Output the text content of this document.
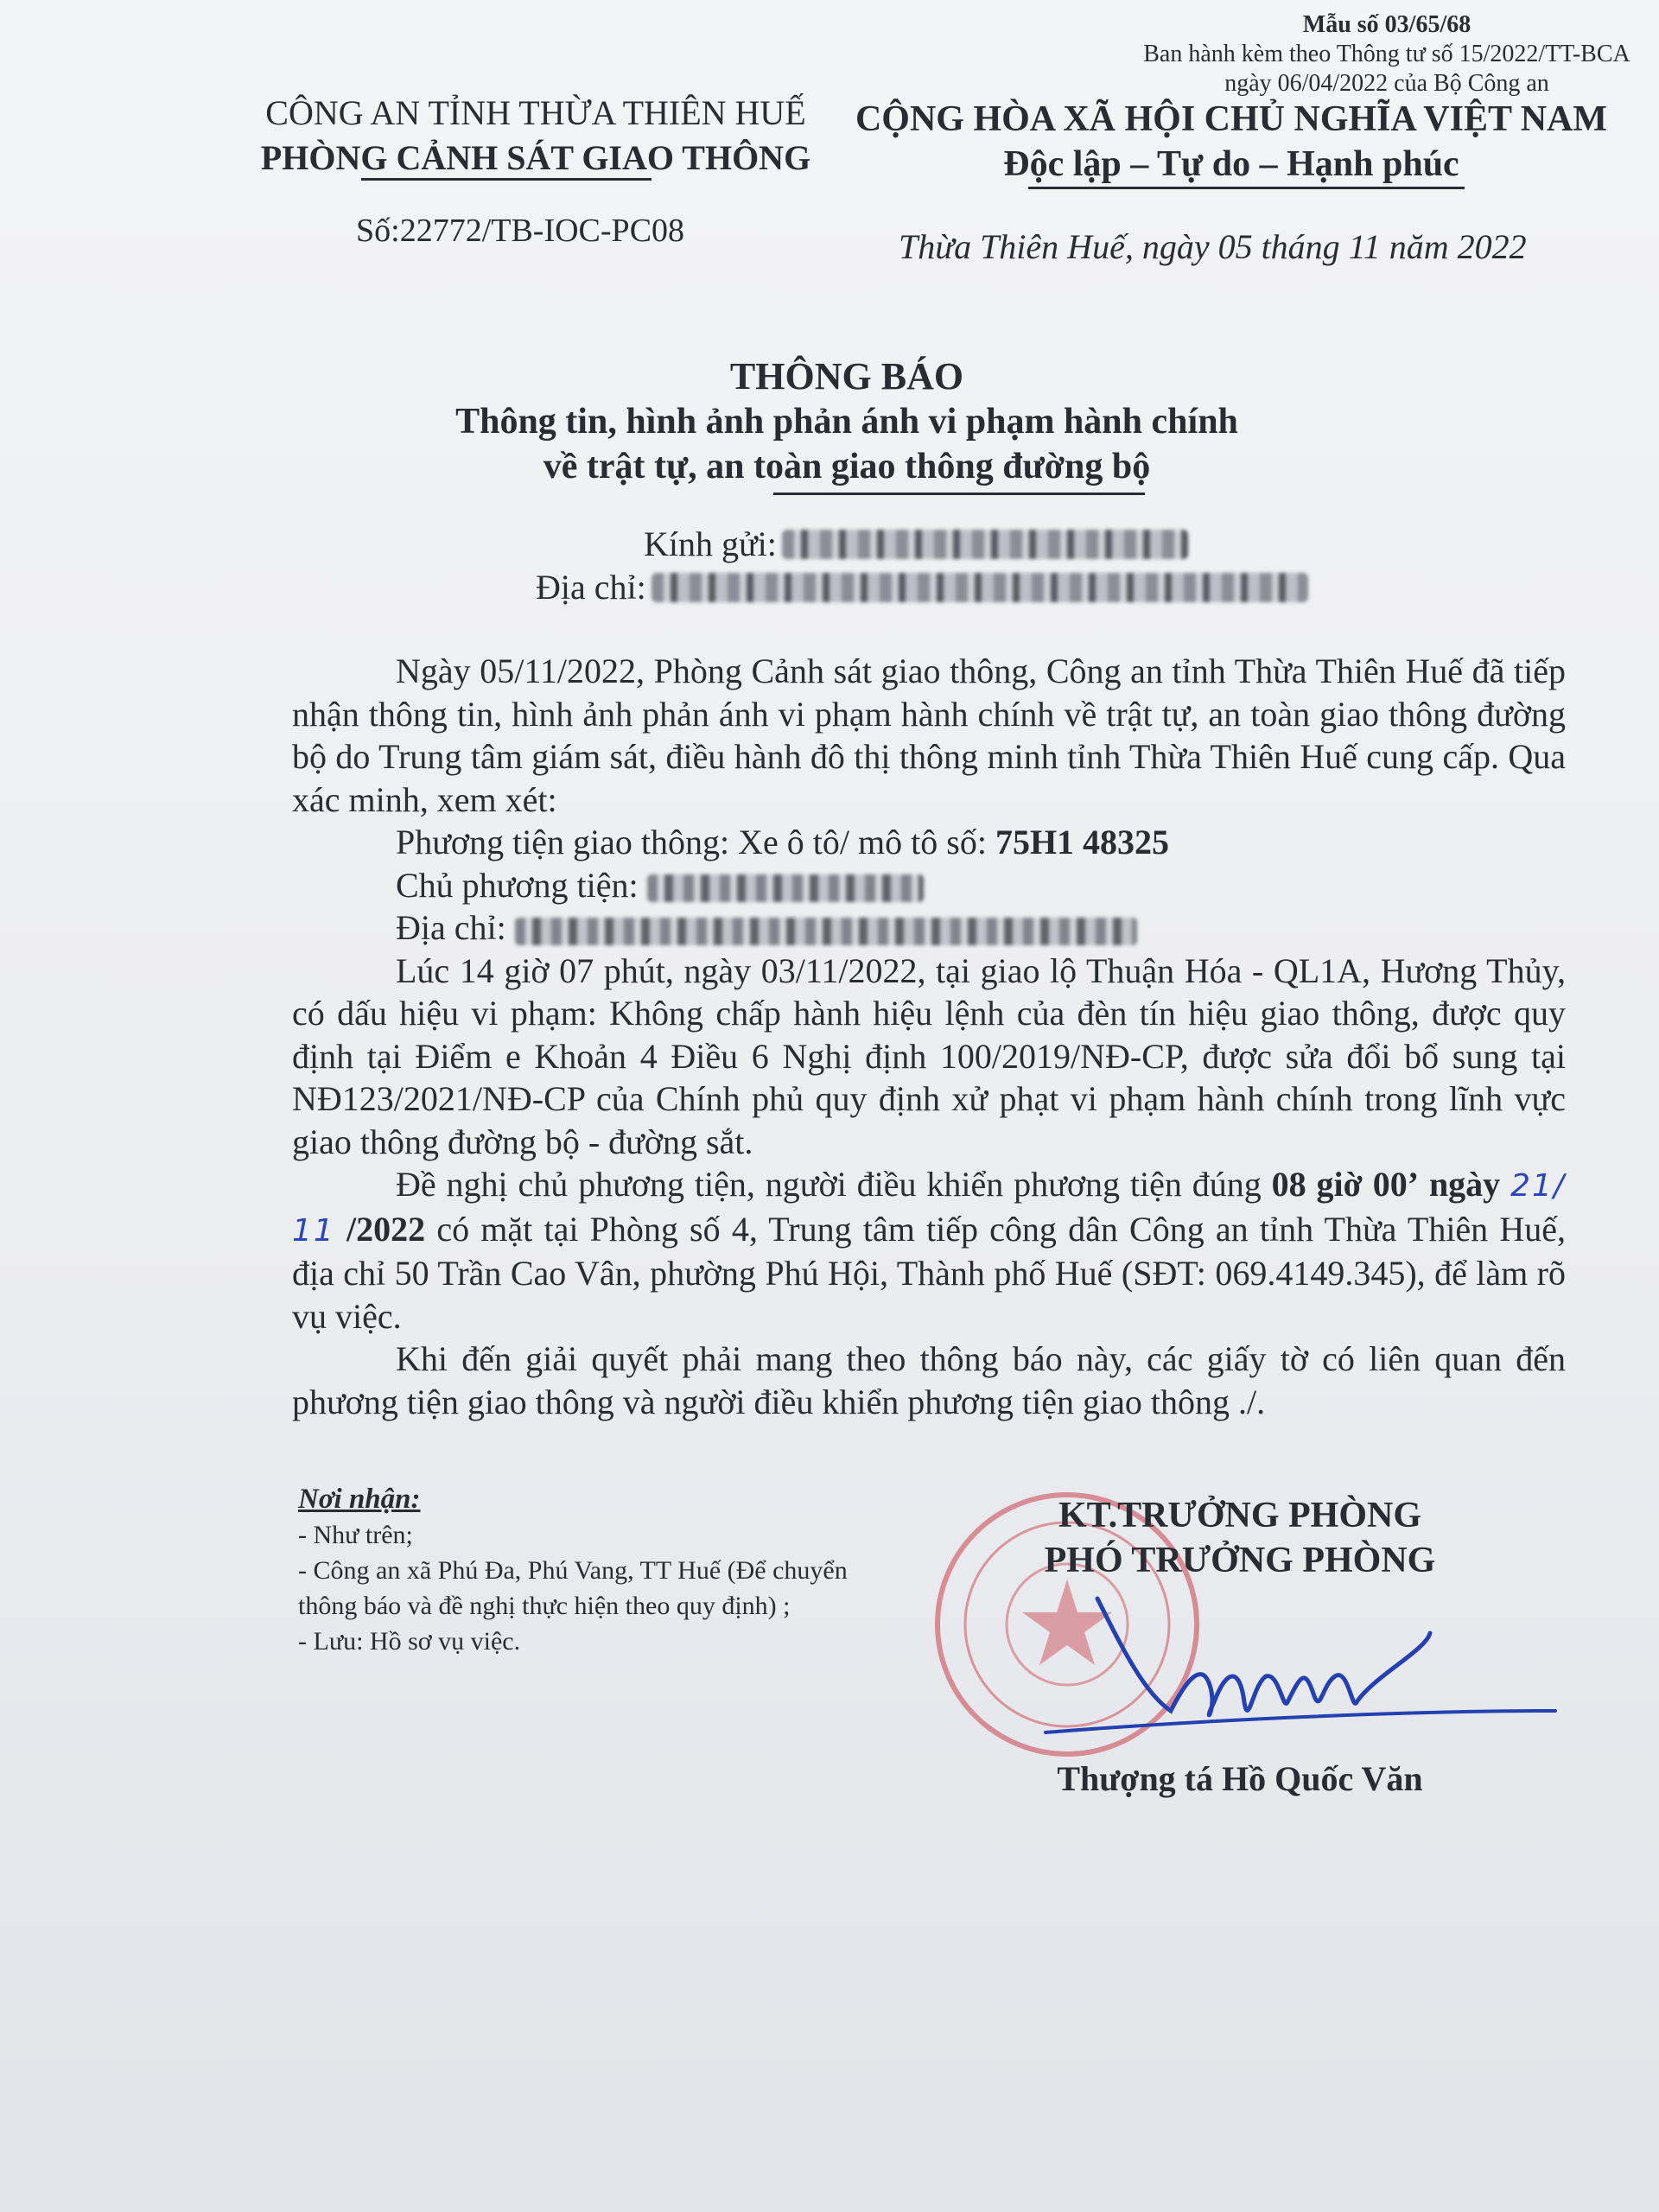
Mẫu số 03/65/68
Ban hành kèm theo Thông tư số 15/2022/TT-BCA
ngày 06/04/2022 của Bộ Công an
CÔNG AN TỈNH THỪA THIÊN HUẾ
PHÒNG CẢNH SÁT GIAO THÔNG
CỘNG HÒA XÃ HỘI CHỦ NGHĨA VIỆT NAM
Độc lập – Tự do – Hạnh phúc
Số:22772/TB-IOC-PC08	Thừa Thiên Huế, ngày 05 tháng 11 năm 2022
THÔNG BÁO
Thông tin, hình ảnh phản ánh vi phạm hành chính
về trật tự, an toàn giao thông đường bộ
Kính gửi:
Địa chỉ:

Ngày 05/11/2022, Phòng Cảnh sát giao thông, Công an tỉnh Thừa Thiên Huế đã tiếp nhận thông tin, hình ảnh phản ánh vi phạm hành chính về trật tự, an toàn giao thông đường bộ do Trung tâm giám sát, điều hành đô thị thông minh tỉnh Thừa Thiên Huế cung cấp. Qua xác minh, xem xét:

Phương tiện giao thông: Xe ô tô/ mô tô số: 75H1 48325

Chủ phương tiện:

Địa chỉ:

Lúc 14 giờ 07 phút, ngày 03/11/2022, tại giao lộ Thuận Hóa - QL1A, Hương Thủy, có dấu hiệu vi phạm: Không chấp hành hiệu lệnh của đèn tín hiệu giao thông, được quy định tại Điểm e Khoản 4 Điều 6 Nghị định 100/2019/NĐ-CP, được sửa đổi bổ sung tại NĐ123/2021/NĐ-CP của Chính phủ quy định xử phạt vi phạm hành chính trong lĩnh vực giao thông đường bộ - đường sắt.

Đề nghị chủ phương tiện, người điều khiển phương tiện đúng 08 giờ 00’ ngày 21/ 11 /2022 có mặt tại Phòng số 4, Trung tâm tiếp công dân Công an tỉnh Thừa Thiên Huế, địa chỉ 50 Trần Cao Vân, phường Phú Hội, Thành phố Huế (SĐT: 069.4149.345), để làm rõ vụ việc.

Khi đến giải quyết phải mang theo thông báo này, các giấy tờ có liên quan đến phương tiện giao thông và người điều khiển phương tiện giao thông ./.

Nơi nhận:

- Như trên;

- Công an xã Phú Đa, Phú Vang, TT Huế (Để chuyển thông báo và đề nghị thực hiện theo quy định) ;

- Lưu: Hồ sơ vụ việc.

KT.TRƯỞNG PHÒNG
PHÓ TRƯỞNG PHÒNG
Thượng tá Hồ Quốc Văn
